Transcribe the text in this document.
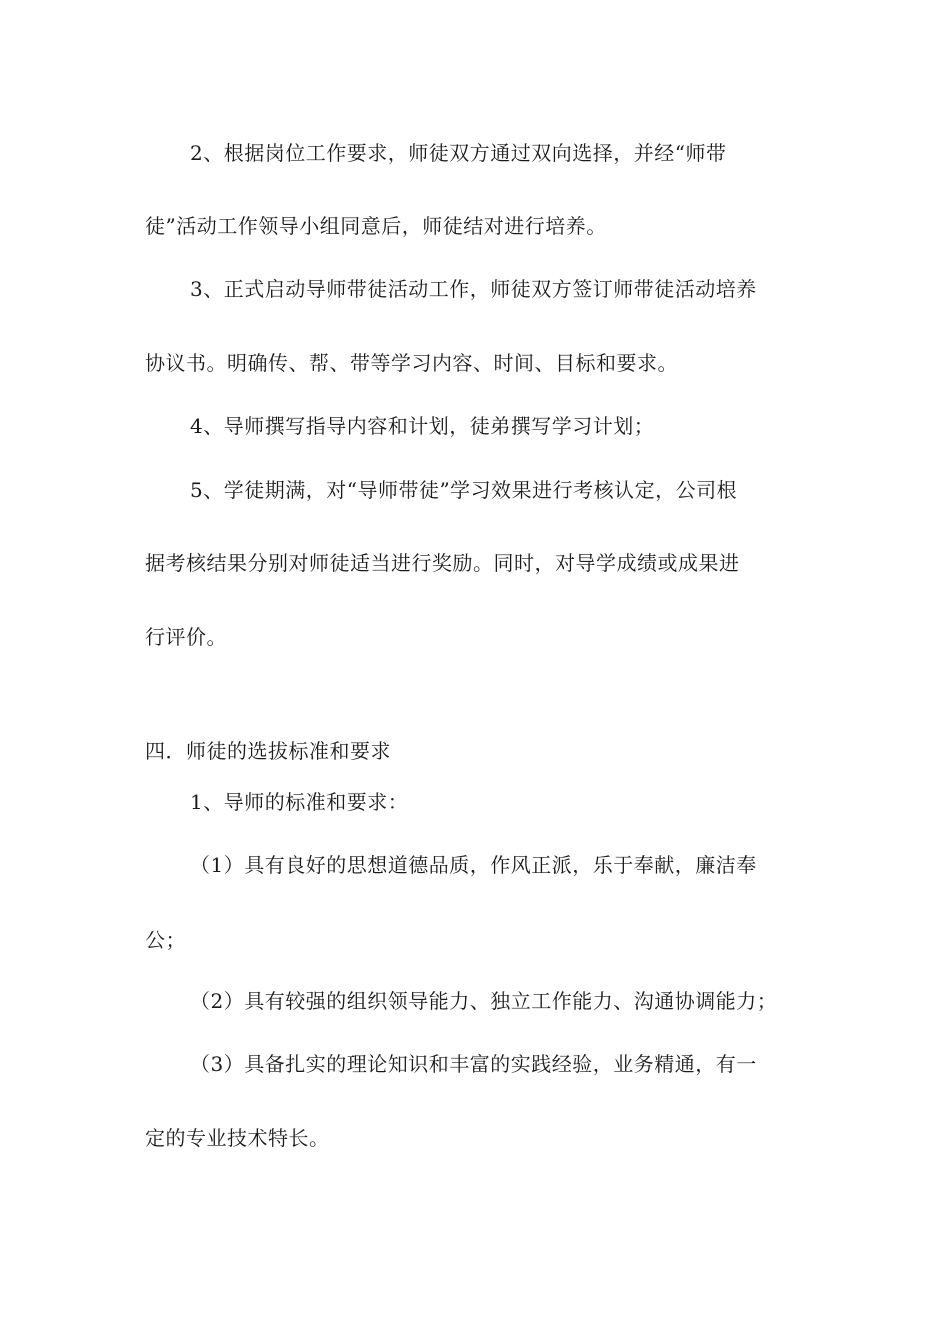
2、根据岗位工作要求，师徒双方通过双向选择，并经“师带
徒”活动工作领导小组同意后，师徒结对进行培养。
3、正式启动导师带徒活动工作，师徒双方签订师带徒活动培养
协议书。明确传、帮、带等学习内容、时间、目标和要求。
4、导师撰写指导内容和计划，徒弟撰写学习计划；
5、学徒期满，对“导师带徒”学习效果进行考核认定，公司根
据考核结果分别对师徒适当进行奖励。同时，对导学成绩或成果进
行评价。
四．师徒的选拔标准和要求
1、导师的标准和要求：
（1）具有良好的思想道德品质，作风正派，乐于奉献，廉洁奉
公；
（2）具有较强的组织领导能力、独立工作能力、沟通协调能力；
（3）具备扎实的理论知识和丰富的实践经验，业务精通，有一
定的专业技术特长。
